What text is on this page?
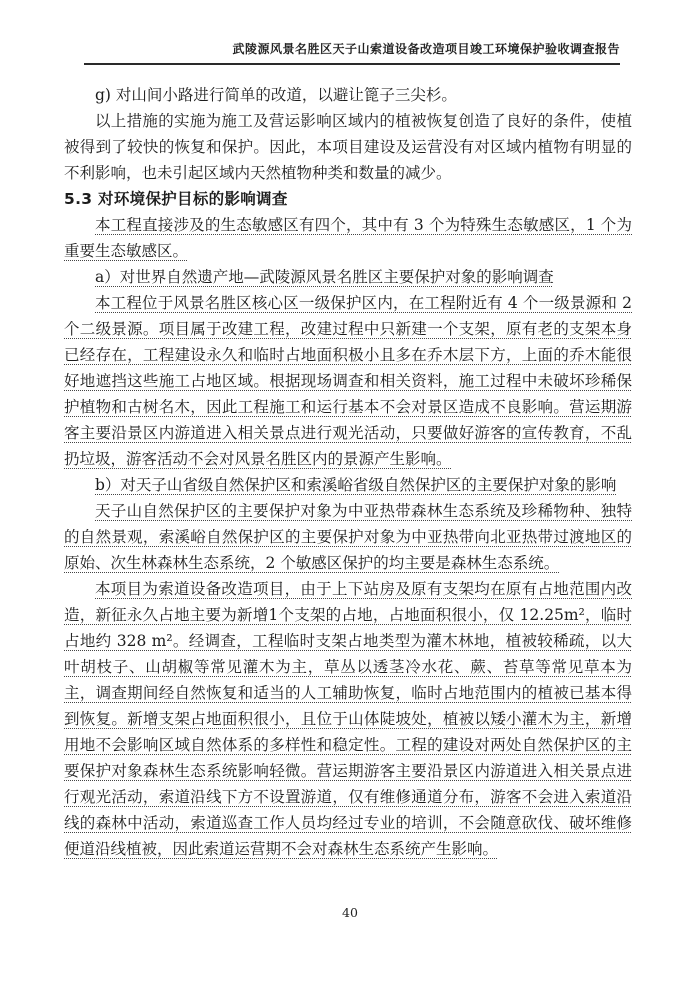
武陵源风景名胜区天子山索道设备改造项目竣工环境保护验收调查报告

g) 对山间小路进行简单的改道，以避让篦子三尖杉。

以上措施的实施为施工及营运影响区域内的植被恢复创造了良好的条件，使植被得到了较快的恢复和保护。因此，本项目建设及运营没有对区域内植物有明显的不利影响，也未引起区域内天然植物种类和数量的减少。

5.3 对环境保护目标的影响调查

本工程直接涉及的生态敏感区有四个，其中有 3 个为特殊生态敏感区，1 个为重要生态敏感区。

a）对世界自然遗产地—武陵源风景名胜区主要保护对象的影响调查

本工程位于风景名胜区核心区一级保护区内，在工程附近有 4 个一级景源和 2 个二级景源。项目属于改建工程，改建过程中只新建一个支架，原有老的支架本身已经存在，工程建设永久和临时占地面积极小且多在乔木层下方，上面的乔木能很好地遮挡这些施工占地区域。根据现场调查和相关资料，施工过程中未破坏珍稀保护植物和古树名木，因此工程施工和运行基本不会对景区造成不良影响。营运期游客主要沿景区内游道进入相关景点进行观光活动，只要做好游客的宣传教育，不乱扔垃圾，游客活动不会对风景名胜区内的景源产生影响。

b）对天子山省级自然保护区和索溪峪省级自然保护区的主要保护对象的影响

天子山自然保护区的主要保护对象为中亚热带森林生态系统及珍稀物种、独特的自然景观，索溪峪自然保护区的主要保护对象为中亚热带向北亚热带过渡地区的原始、次生林森林生态系统，2 个敏感区保护的均主要是森林生态系统。

本项目为索道设备改造项目，由于上下站房及原有支架均在原有占地范围内改造，新征永久占地主要为新增1个支架的占地，占地面积很小，仅 12.25m²，临时占地约 328 m²。经调查，工程临时支架占地类型为灌木林地，植被较稀疏，以大叶胡枝子、山胡椒等常见灌木为主，草丛以透茎冷水花、蕨、苔草等常见草本为主，调查期间经自然恢复和适当的人工辅助恢复，临时占地范围内的植被已基本得到恢复。新增支架占地面积很小，且位于山体陡坡处，植被以矮小灌木为主，新增用地不会影响区域自然体系的多样性和稳定性。工程的建设对两处自然保护区的主要保护对象森林生态系统影响轻微。营运期游客主要沿景区内游道进入相关景点进行观光活动，索道沿线下方不设置游道，仅有维修通道分布，游客不会进入索道沿线的森林中活动，索道巡查工作人员均经过专业的培训，不会随意砍伐、破坏维修便道沿线植被，因此索道运营期不会对森林生态系统产生影响。

40
